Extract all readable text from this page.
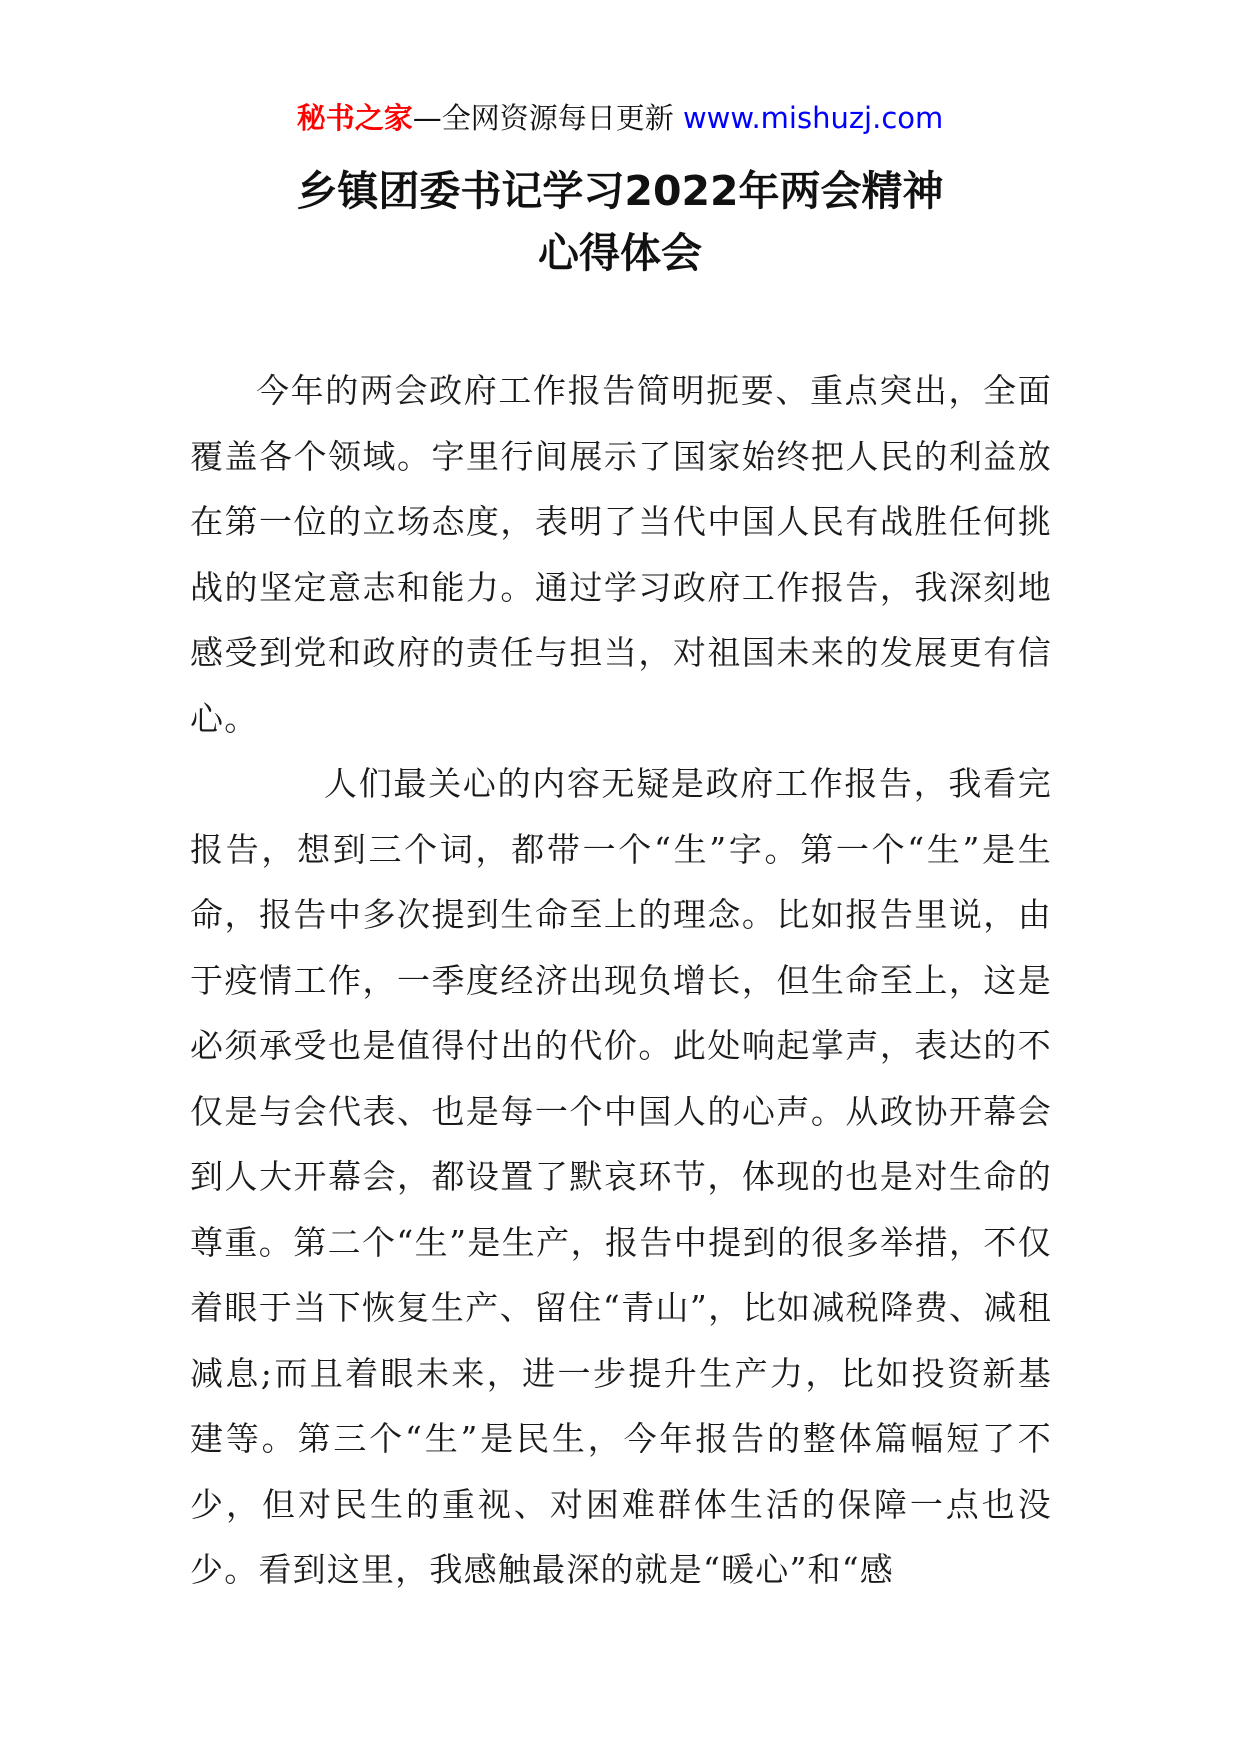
秘书之家—全网资源每日更新 www.mishuzj.com
乡镇团委书记学习2022年两会精神
心得体会

今年的两会政府工作报告简明扼要、重点突出，全面覆盖各个领域。字里行间展示了国家始终把人民的利益放在第一位的立场态度，表明了当代中国人民有战胜任何挑战的坚定意志和能力。通过学习政府工作报告，我深刻地感受到党和政府的责任与担当，对祖国未来的发展更有信心。

人们最关心的内容无疑是政府工作报告，我看完报告，想到三个词，都带一个“生”字。第一个“生”是生命，报告中多次提到生命至上的理念。比如报告里说，由于疫情工作，一季度经济出现负增长，但生命至上，这是必须承受也是值得付出的代价。此处响起掌声，表达的不仅是与会代表、也是每一个中国人的心声。从政协开幕会到人大开幕会，都设置了默哀环节，体现的也是对生命的尊重。第二个“生”是生产，报告中提到的很多举措，不仅着眼于当下恢复生产、留住“青山”，比如减税降费、减租减息;而且着眼未来，进一步提升生产力，比如投资新基建等。第三个“生”是民生，今年报告的整体篇幅短了不少，但对民生的重视、对困难群体生活的保障一点也没少。看到这里，我感触最深的就是“暖心”和“感
